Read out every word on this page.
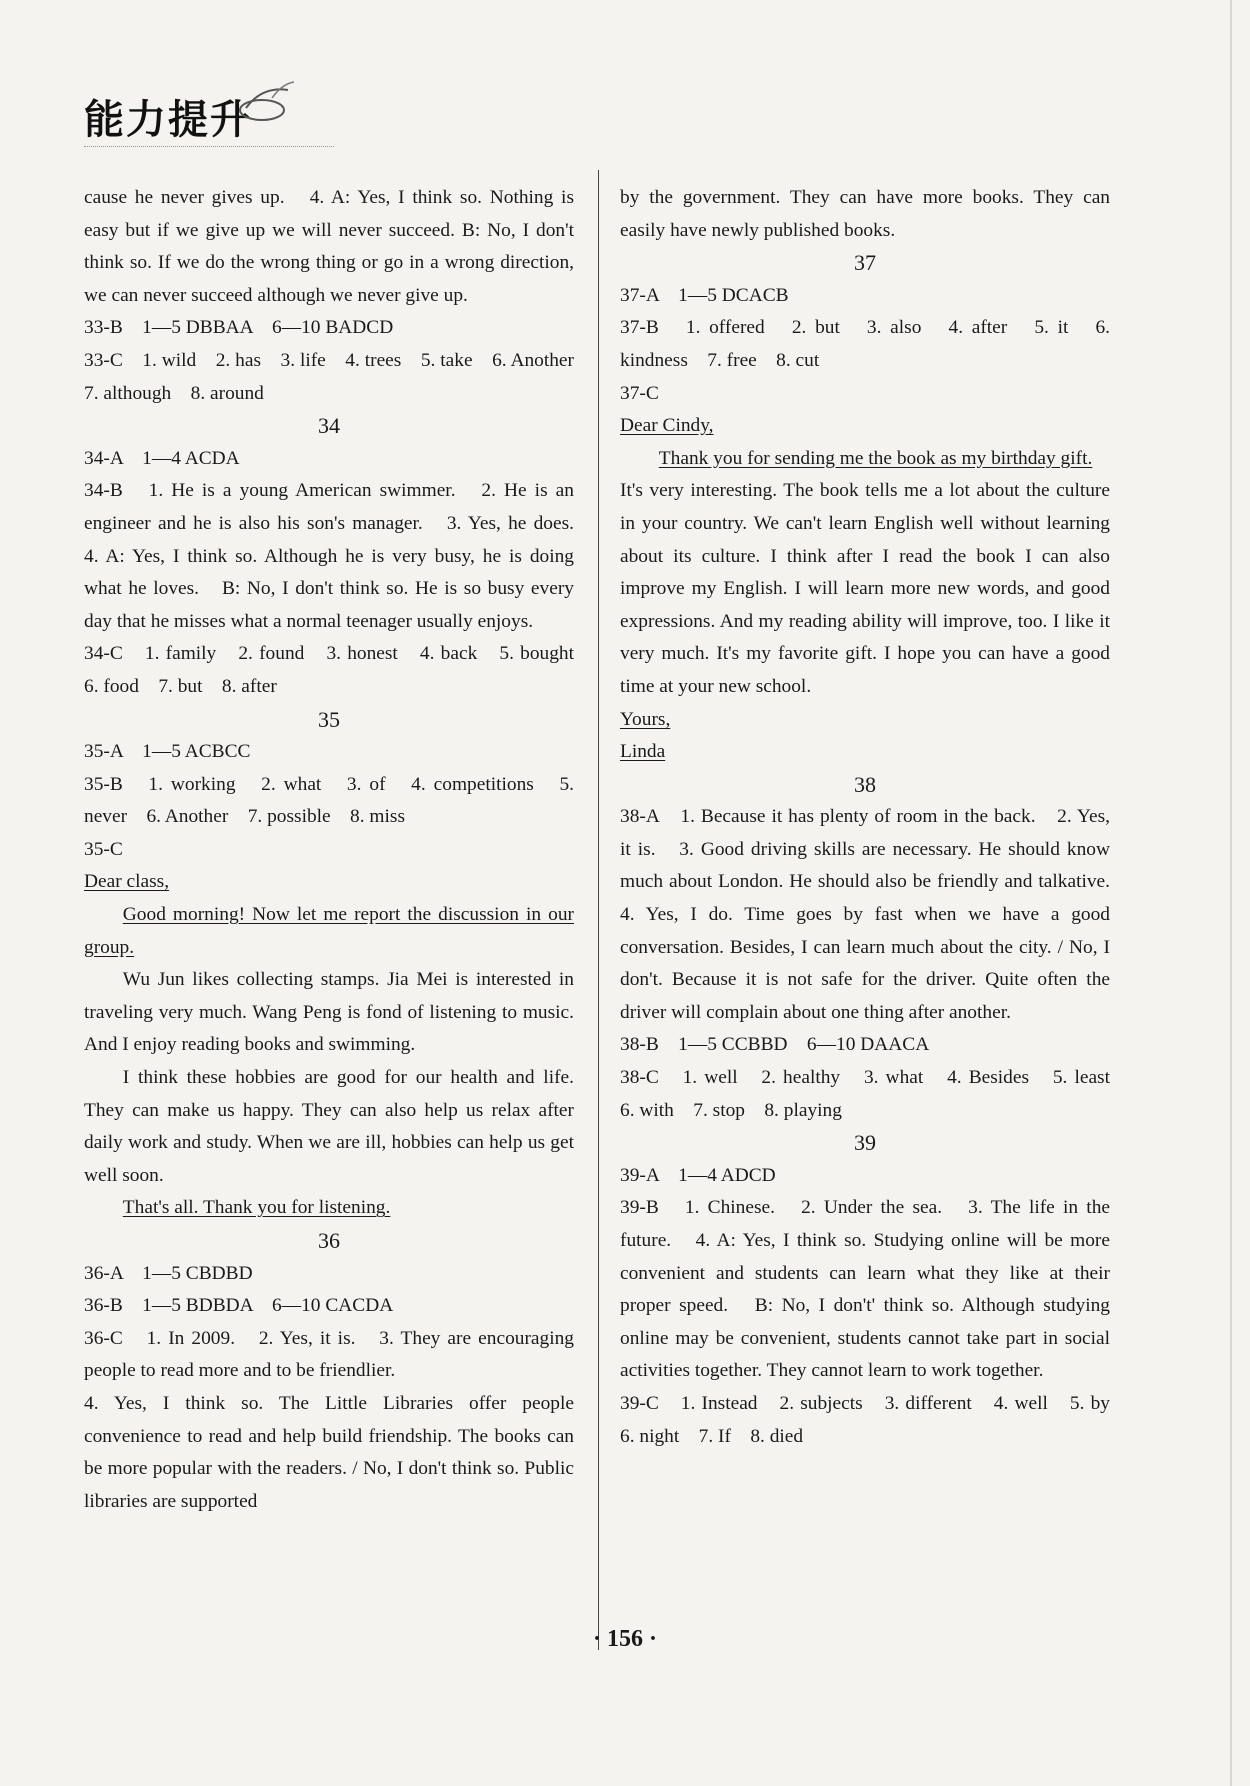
能力提升

cause he never gives up.　4. A: Yes, I think so. Nothing is easy but if we give up we will never succeed. B: No, I don't think so. If we do the wrong thing or go in a wrong direction, we can never succeed although we never give up.

33-B　1—5 DBBAA　6—10 BADCD

33-C　1. wild　2. has　3. life　4. trees　5. take　6. Another　7. although　8. around

34

34-A　1—4 ACDA

34-B　1. He is a young American swimmer.　2. He is an engineer and he is also his son's manager.　3. Yes, he does.　4. A: Yes, I think so. Although he is very busy, he is doing what he loves.　B: No, I don't think so. He is so busy every day that he misses what a normal teenager usually enjoys.

34-C　1. family　2. found　3. honest　4. back　5. bought　6. food　7. but　8. after

35

35-A　1—5 ACBCC

35-B　1. working　2. what　3. of　4. competitions　5. never　6. Another　7. possible　8. miss

35-C

Dear class,

Good morning! Now let me report the discussion in our group.

Wu Jun likes collecting stamps. Jia Mei is interested in traveling very much. Wang Peng is fond of listening to music. And I enjoy reading books and swimming.

I think these hobbies are good for our health and life. They can make us happy. They can also help us relax after daily work and study. When we are ill, hobbies can help us get well soon.

That's all. Thank you for listening.

36

36-A　1—5 CBDBD

36-B　1—5 BDBDA　6—10 CACDA

36-C　1. In 2009.　2. Yes, it is.　3. They are encouraging people to read more and to be friendlier.

4. Yes, I think so. The Little Libraries offer people convenience to read and help build friendship. The books can be more popular with the readers. / No, I don't think so. Public libraries are supported

by the government. They can have more books. They can easily have newly published books.

37

37-A　1—5 DCACB

37-B　1. offered　2. but　3. also　4. after　5. it　6. kindness　7. free　8. cut

37-C

Dear Cindy,

Thank you for sending me the book as my birthday gift.

It's very interesting. The book tells me a lot about the culture in your country. We can't learn English well without learning about its culture. I think after I read the book I can also improve my English. I will learn more new words, and good expressions. And my reading ability will improve, too. I like it very much. It's my favorite gift. I hope you can have a good time at your new school.

Yours,

Linda

38

38-A　1. Because it has plenty of room in the back.　2. Yes, it is.　3. Good driving skills are necessary. He should know much about London. He should also be friendly and talkative.　4. Yes, I do. Time goes by fast when we have a good conversation. Besides, I can learn much about the city. / No, I don't. Because it is not safe for the driver. Quite often the driver will complain about one thing after another.

38-B　1—5 CCBBD　6—10 DAACA

38-C　1. well　2. healthy　3. what　4. Besides　5. least　6. with　7. stop　8. playing

39

39-A　1—4 ADCD

39-B　1. Chinese.　2. Under the sea.　3. The life in the future.　4. A: Yes, I think so. Studying online will be more convenient and students can learn what they like at their proper speed.　B: No, I don't' think so. Although studying online may be convenient, students cannot take part in social activities together. They cannot learn to work together.

39-C　1. Instead　2. subjects　3. different　4. well　5. by　6. night　7. If　8. died

· 156 ·
